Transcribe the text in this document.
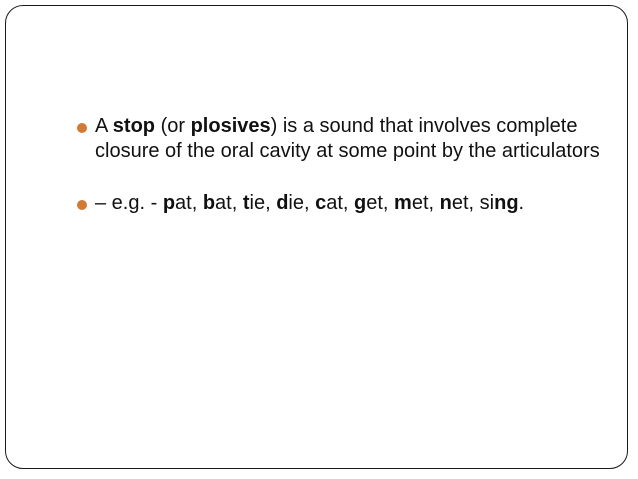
A stop (or plosives) is a sound that involves complete closure of the oral cavity at some point by the articulators
– e.g. - pat, bat, tie, die, cat, get, met, net, sing.
